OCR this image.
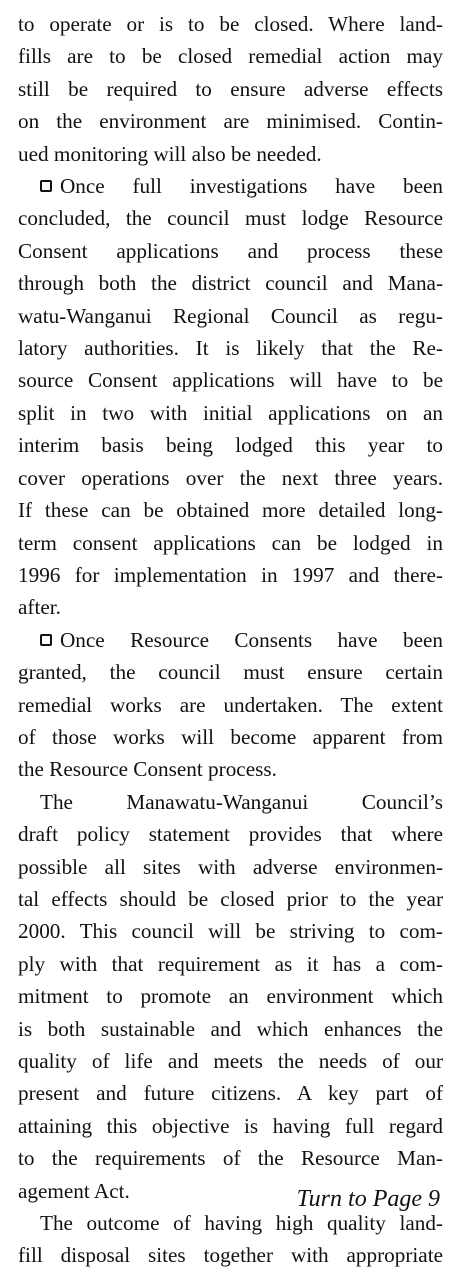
to operate or is to be closed. Where land-
fills are to be closed remedial action may
still be required to ensure adverse effects
on the environment are minimised. Contin-
ued monitoring will also be needed.
Once full investigations have been
concluded, the council must lodge Resource
Consent applications and process these
through both the district council and Mana-
watu-Wanganui Regional Council as regu-
latory authorities. It is likely that the Re-
source Consent applications will have to be
split in two with initial applications on an
interim basis being lodged this year to
cover operations over the next three years.
If these can be obtained more detailed long-
term consent applications can be lodged in
1996 for implementation in 1997 and there-
after.
Once Resource Consents have been
granted, the council must ensure certain
remedial works are undertaken. The extent
of those works will become apparent from
the Resource Consent process.
The Manawatu-Wanganui Council’s
draft policy statement provides that where
possible all sites with adverse environmen-
tal effects should be closed prior to the year
2000. This council will be striving to com-
ply with that requirement as it has a com-
mitment to promote an environment which
is both sustainable and which enhances the
quality of life and meets the needs of our
present and future citizens. A key part of
attaining this objective is having full regard
to the requirements of the Resource Man-
agement Act.
The outcome of having high quality land-
fill disposal sites together with appropriate
Turn to Page 9
